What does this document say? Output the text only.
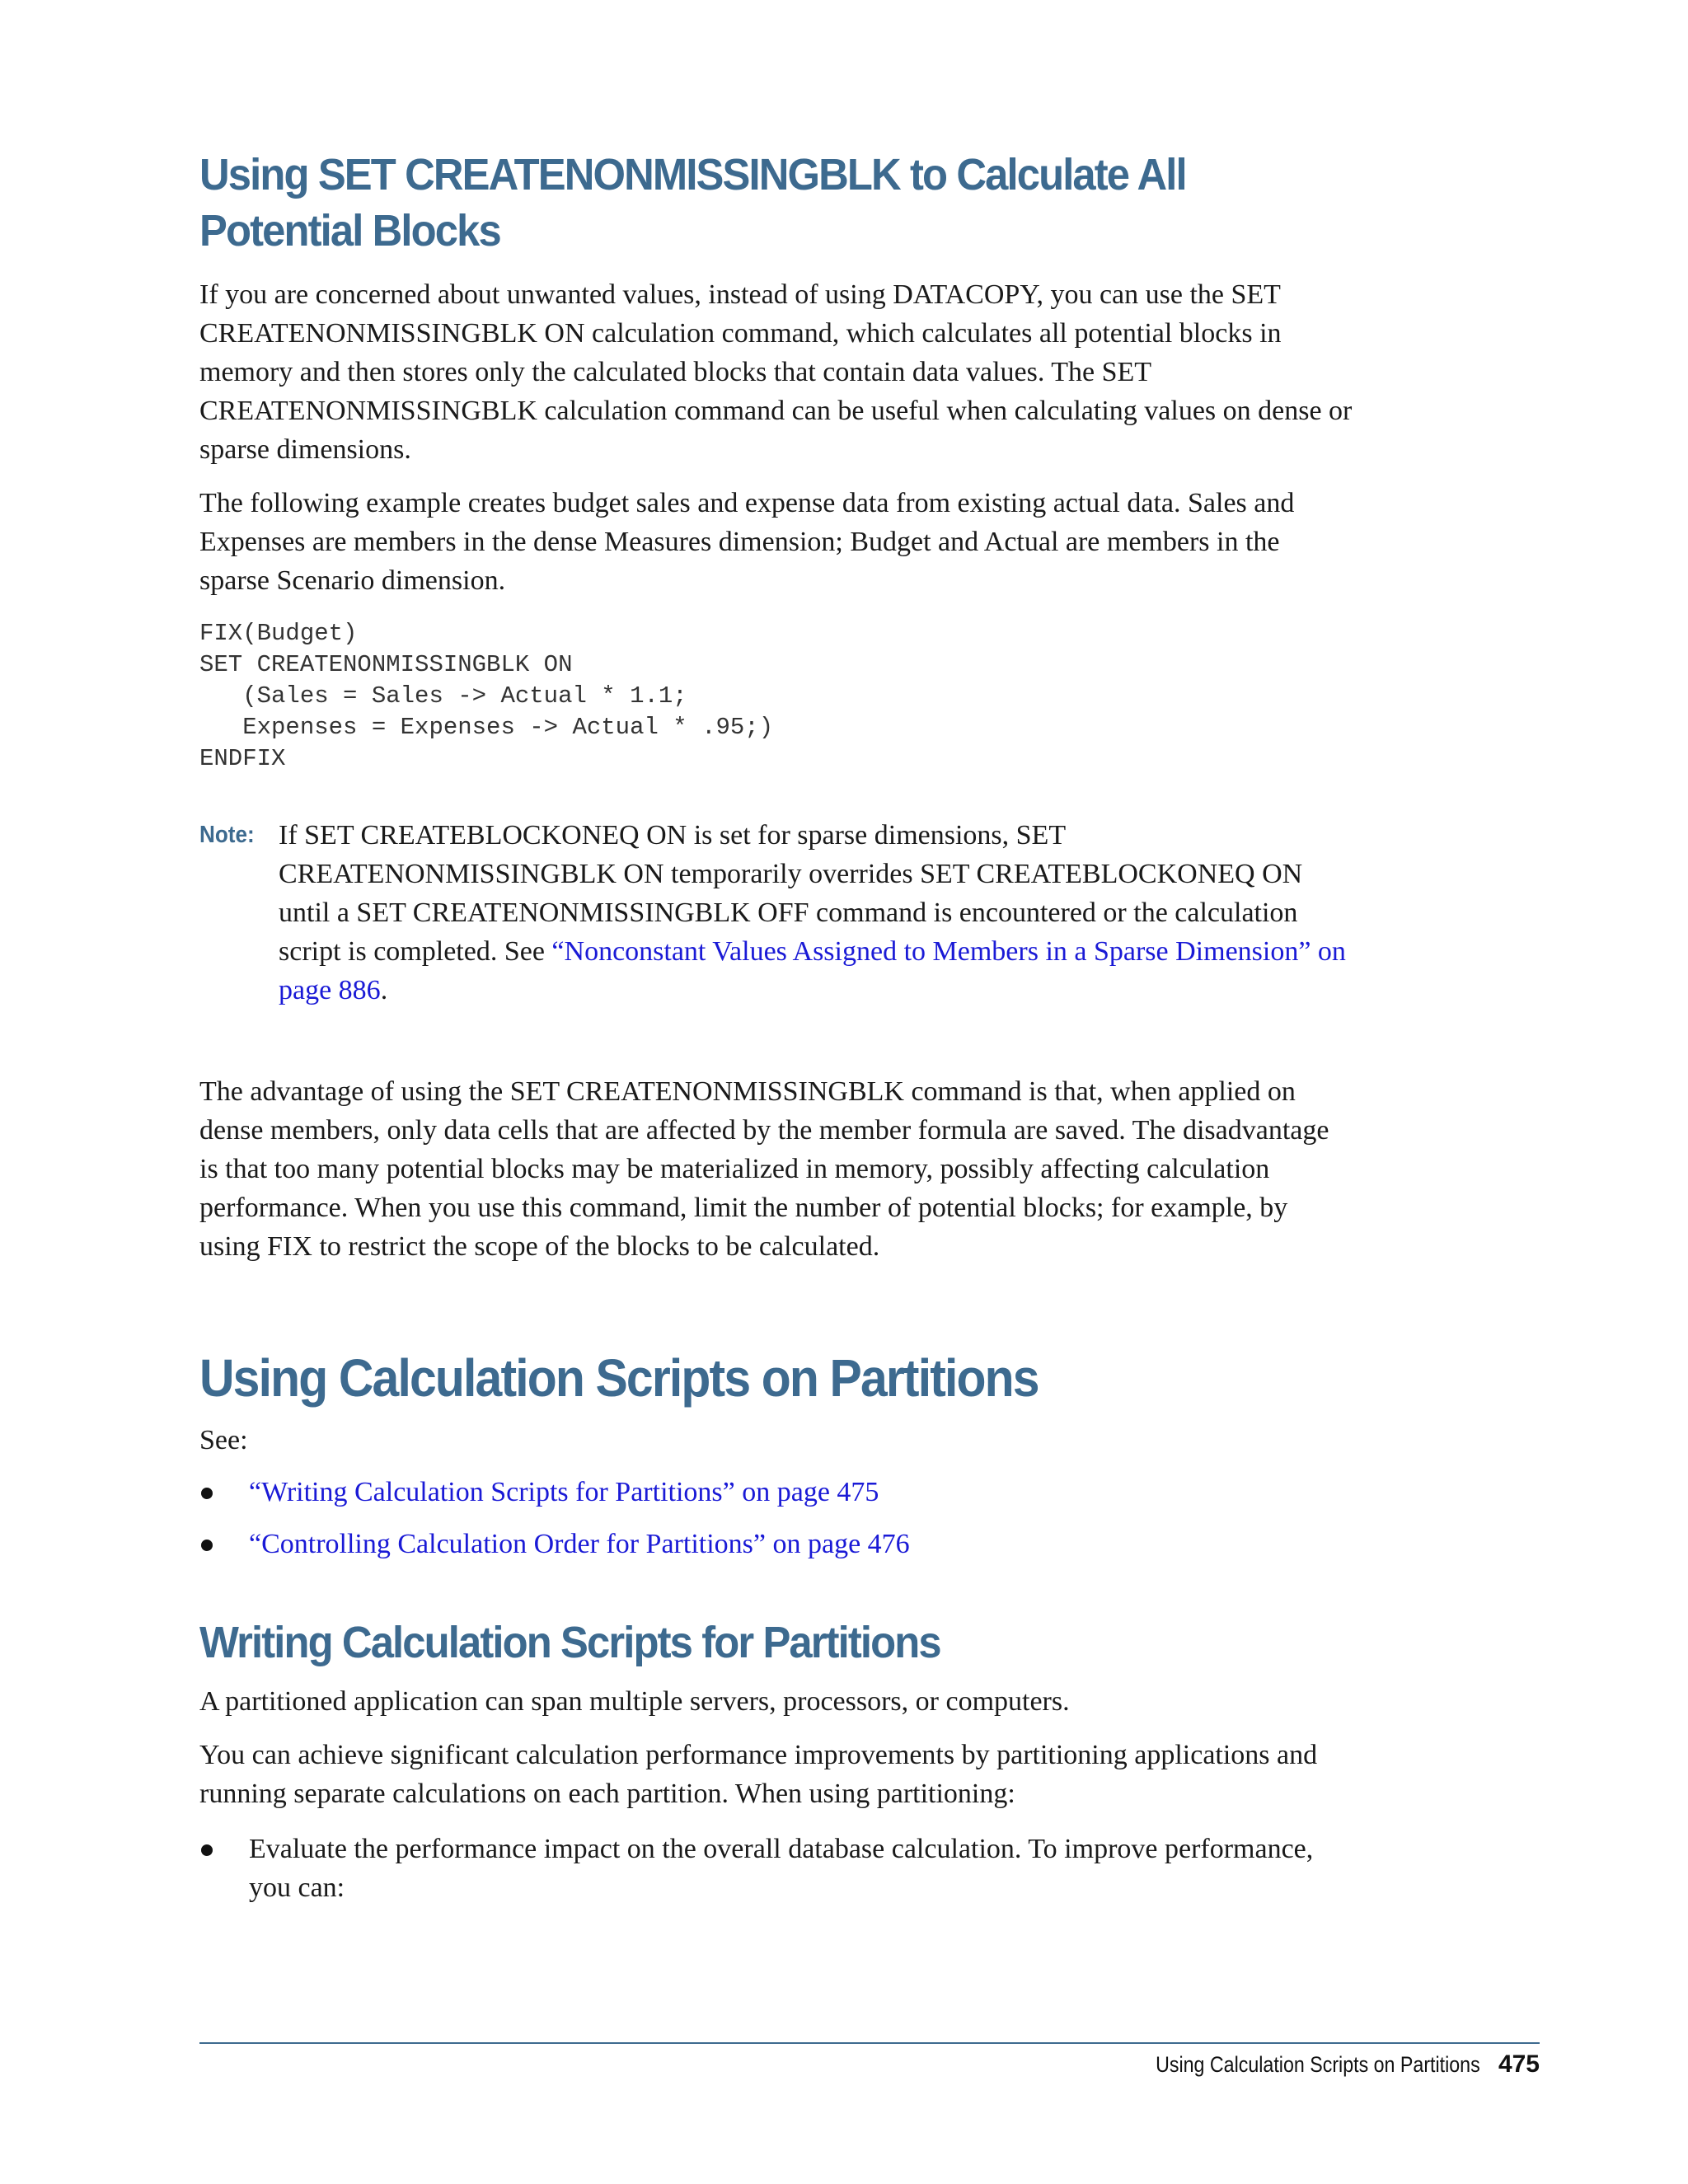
Using SET CREATENONMISSINGBLK to Calculate All Potential Blocks

If you are concerned about unwanted values, instead of using DATACOPY, you can use the SET CREATENONMISSINGBLK ON calculation command, which calculates all potential blocks in memory and then stores only the calculated blocks that contain data values. The SET CREATENONMISSINGBLK calculation command can be useful when calculating values on dense or sparse dimensions.

The following example creates budget sales and expense data from existing actual data. Sales and Expenses are members in the dense Measures dimension; Budget and Actual are members in the sparse Scenario dimension.

FIX(Budget)
SET CREATENONMISSINGBLK ON
(Sales = Sales -> Actual * 1.1;
Expenses = Expenses -> Actual * .95;)
ENDFIX
Note: If SET CREATEBLOCKONEQ ON is set for sparse dimensions, SET CREATENONMISSINGBLK ON temporarily overrides SET CREATEBLOCKONEQ ON until a SET CREATENONMISSINGBLK OFF command is encountered or the calculation script is completed. See “Nonconstant Values Assigned to Members in a Sparse Dimension” on page 886.

The advantage of using the SET CREATENONMISSINGBLK command is that, when applied on dense members, only data cells that are affected by the member formula are saved. The disadvantage is that too many potential blocks may be materialized in memory, possibly affecting calculation performance. When you use this command, limit the number of potential blocks; for example, by using FIX to restrict the scope of the blocks to be calculated.

Using Calculation Scripts on Partitions

See:

“Writing Calculation Scripts for Partitions” on page 475
“Controlling Calculation Order for Partitions” on page 476
Writing Calculation Scripts for Partitions

A partitioned application can span multiple servers, processors, or computers.

You can achieve significant calculation performance improvements by partitioning applications and running separate calculations on each partition. When using partitioning:

Evaluate the performance impact on the overall database calculation. To improve performance, you can:
Using Calculation Scripts on Partitions 475
